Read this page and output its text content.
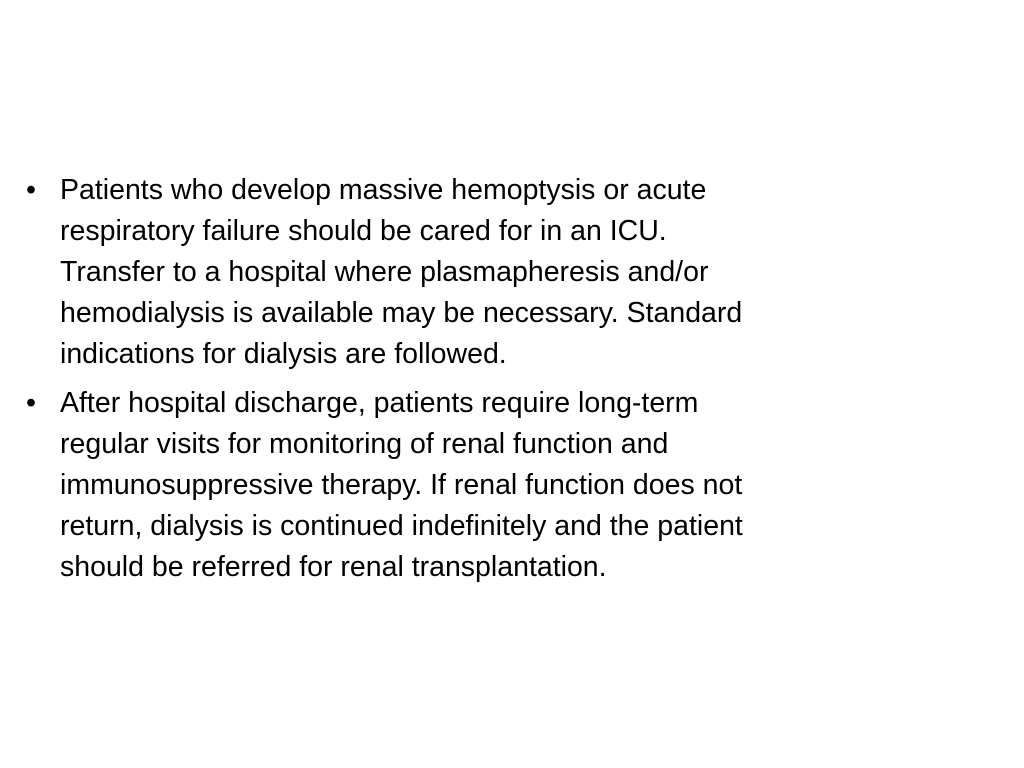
• Patients who develop massive hemoptysis or acute
respiratory failure should be cared for in an ICU.
Transfer to a hospital where plasmapheresis and/or
hemodialysis is available may be necessary. Standard
indications for dialysis are followed.
• After hospital discharge, patients require long-term
regular visits for monitoring of renal function and
immunosuppressive therapy. If renal function does not
return, dialysis is continued indefinitely and the patient
should be referred for renal transplantation.
